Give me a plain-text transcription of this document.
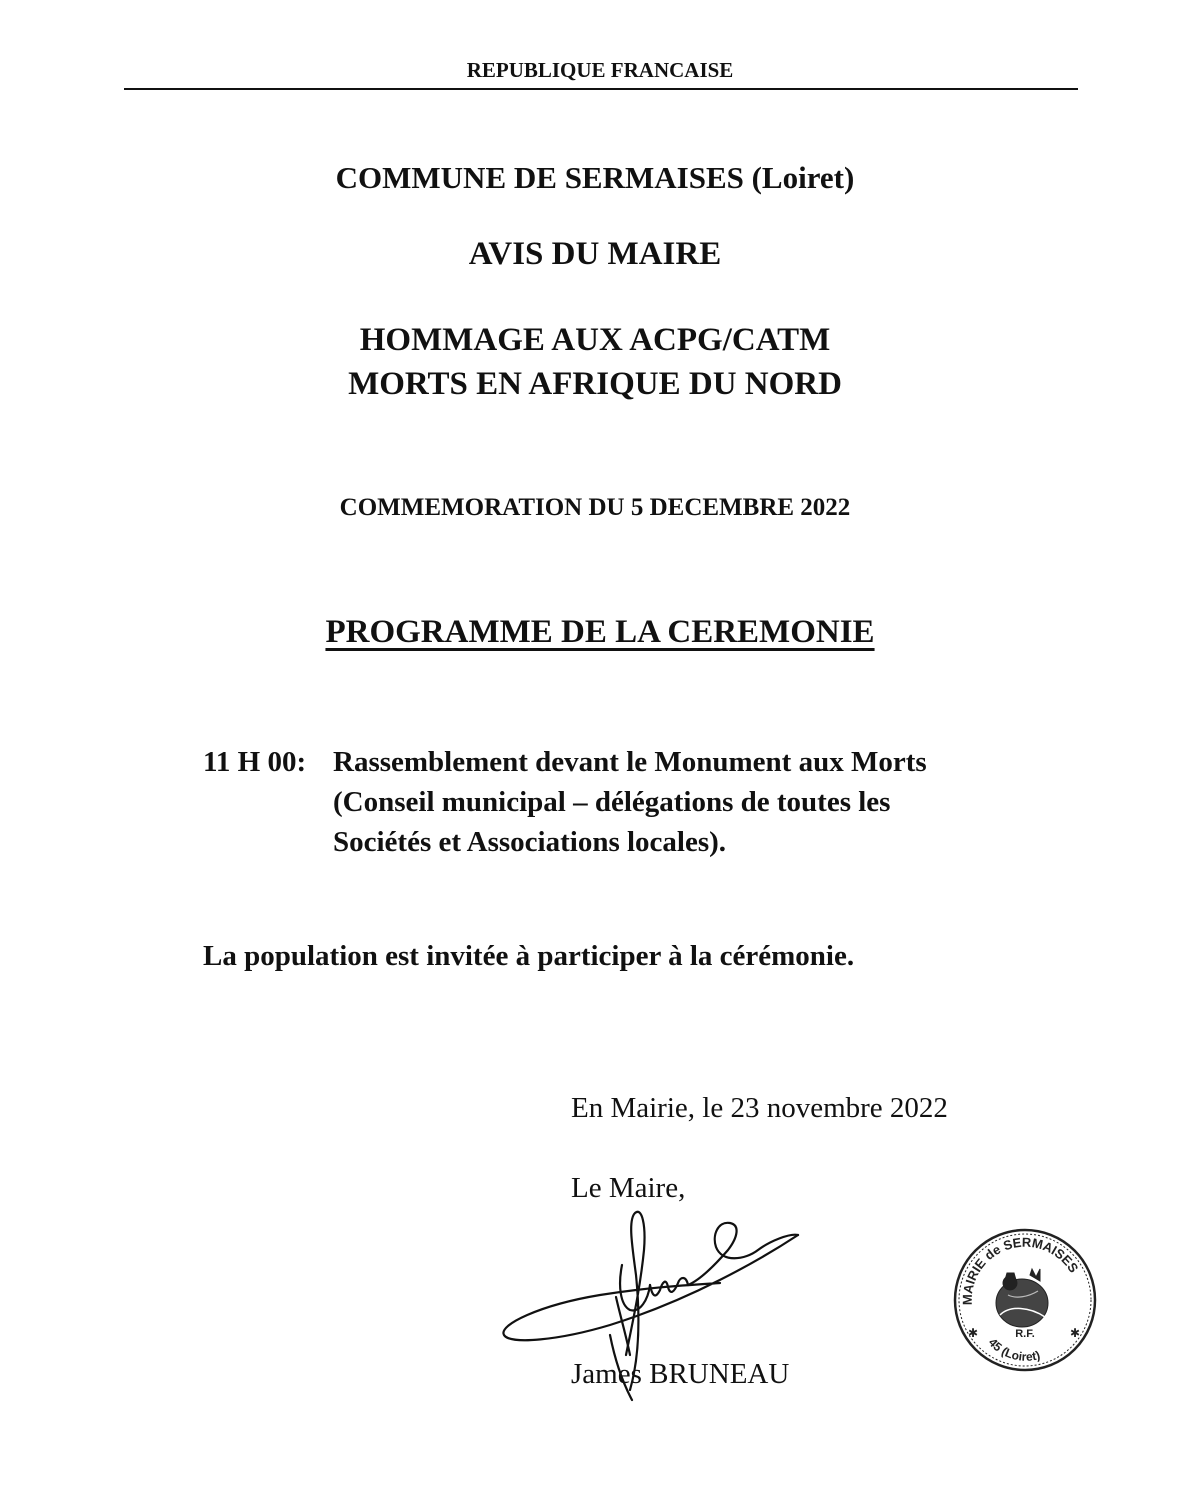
REPUBLIQUE FRANCAISE
COMMUNE DE SERMAISES (Loiret)
AVIS DU MAIRE
HOMMAGE AUX ACPG/CATM
MORTS EN AFRIQUE DU NORD
COMMEMORATION DU 5 DECEMBRE 2022
PROGRAMME DE LA CEREMONIE
11 H 00: Rassemblement devant le Monument aux Morts
(Conseil municipal – délégations de toutes les
Sociétés et Associations locales).
La population est invitée à participer à la cérémonie.
En Mairie, le 23 novembre 2022
Le Maire,
James BRUNEAU
MAIRIE de SERMAISES
R.F.
45 (Loiret)
✱	✱
